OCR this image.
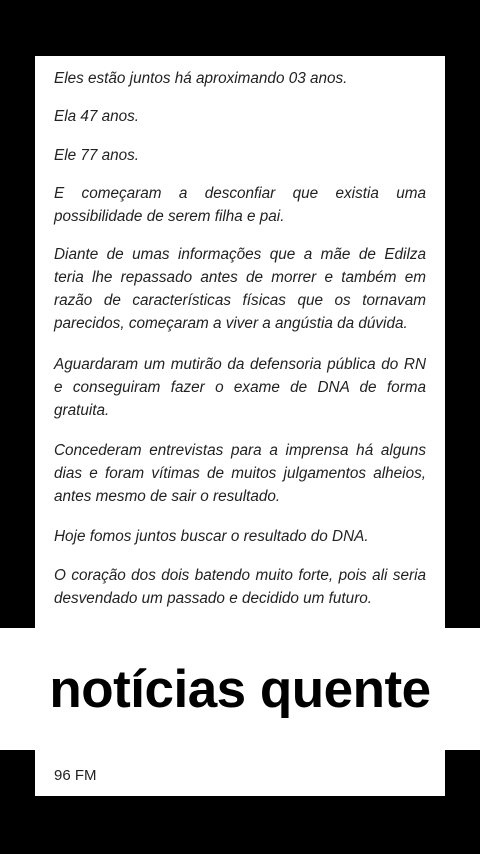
Eles estão juntos há aproximando 03 anos.

Ela 47 anos.

Ele 77 anos.

E começaram a desconfiar que existia uma possibilidade de serem filha e pai.

Diante de umas informações que a mãe de Edilza teria lhe repassado antes de morrer e também em razão de características físicas que os tornavam parecidos, começaram a viver a angústia da dúvida.

Aguardaram um mutirão da defensoria pública do RN e conseguiram fazer o exame de DNA de forma gratuita.

Concederam entrevistas para a imprensa há alguns dias e foram vítimas de muitos julgamentos alheios, antes mesmo de sair o resultado.

Hoje fomos juntos buscar o resultado do DNA.

O coração dos dois batendo muito forte, pois ali seria desvendado um passado e decidido um futuro.

96 FM

notícias quente
